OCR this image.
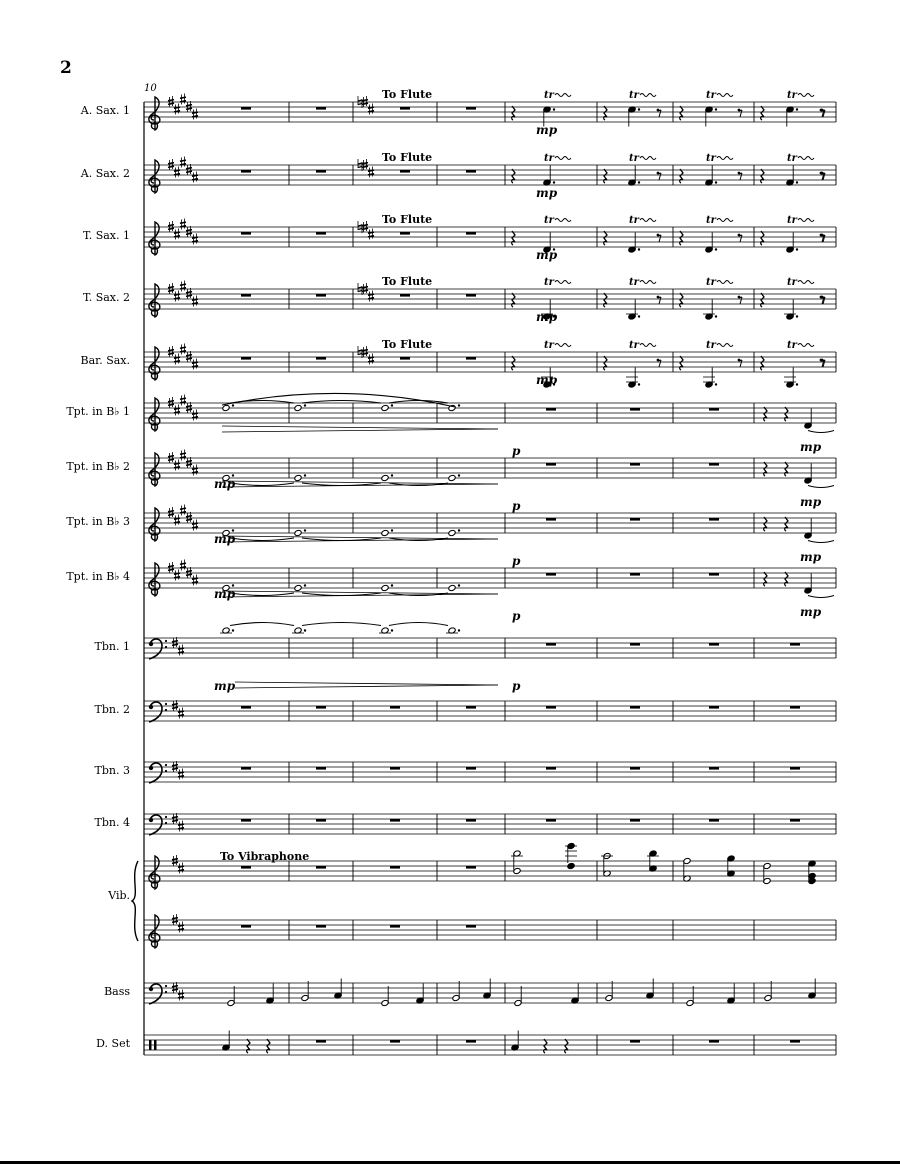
2
10
A. Sax. 1
A. Sax. 2
T. Sax. 1
T. Sax. 2
Bar. Sax.
Tpt. in B♭ 1
Tpt. in B♭ 2
Tpt. in B♭ 3
Tpt. in B♭ 4
Tbn. 1
Tbn. 2
Tbn. 3
Tbn. 4
Vib.
Bass
D. Set
To Flute	tr	tr	tr	tr
mp
To Flute	tr	tr	tr	tr
mp
To Flute	tr	tr	tr	tr
mp
To Flute	tr	tr	tr	tr
mp
To Flute	tr	tr	tr	tr
mp
p	mp
mp
p	mp
mp
p	mp
mp
p	mp
mp	p
To Vibraphone
